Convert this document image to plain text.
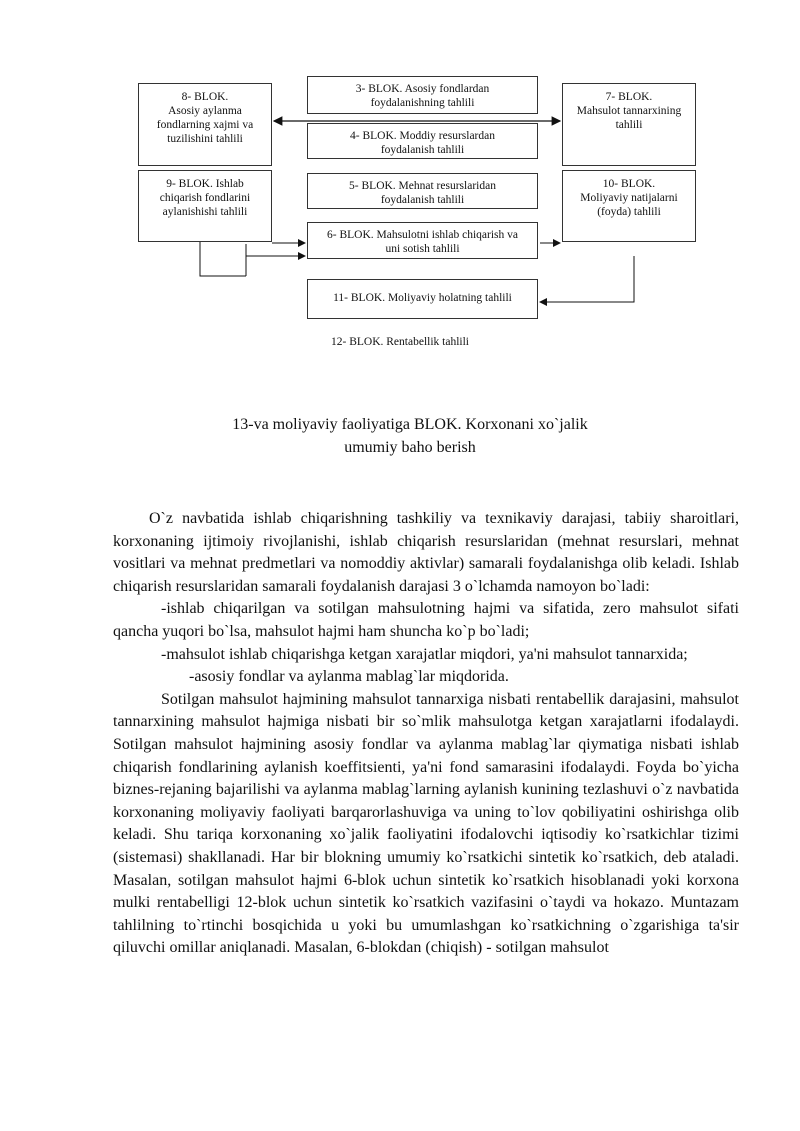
8- BLOK.
Asosiy aylanma
fondlarning xajmi va
tuzilishini tahlili
3- BLOK. Asosiy fondlardan
foydalanishning tahlili	7- BLOK.
Mahsulot tannarxining
tahlili
4- BLOK. Moddiy resurslardan
foydalanish tahlili
9- BLOK. Ishlab
chiqarish fondlarini
aylanishishi tahlili
5- BLOK. Mehnat resurslaridan
foydalanish tahlili
10- BLOK.
Moliyaviy natijalarni
(foyda) tahlili
6- BLOK. Mahsulotni ishlab chiqarish va
uni sotish tahlili
11- BLOK. Moliyaviy holatning tahlili
12- BLOK. Rentabellik tahlili
13-va moliyaviy faoliyatiga BLOK. Korxonani xo`jalik
umumiy baho berish

O`z navbatida ishlab chiqarishning tashkiliy va texnikaviy darajasi, tabiiy sharoitlari, korxonaning ijtimoiy rivojlanishi, ishlab chiqarish resurslaridan (mehnat resurslari, mehnat vositlari va mehnat predmetlari va nomoddiy aktivlar) samarali foydalanishga olib keladi. Ishlab chiqarish resurslaridan samarali foydalanish darajasi 3 o`lchamda namoyon bo`ladi:

-ishlab chiqarilgan va sotilgan mahsulotning hajmi va sifatida, zero mahsulot sifati qancha yuqori bo`lsa, mahsulot hajmi ham shuncha ko`p bo`ladi;

-mahsulot ishlab chiqarishga ketgan xarajatlar miqdori, ya'ni mahsulot tannarxida;

-asosiy fondlar va aylanma mablag`lar miqdorida.

Sotilgan mahsulot hajmining mahsulot tannarxiga nisbati rentabellik darajasini, mahsulot tannarxining mahsulot hajmiga nisbati bir so`mlik mahsulotga ketgan xarajatlarni ifodalaydi. Sotilgan mahsulot hajmining asosiy fondlar va aylanma mablag`lar qiymatiga nisbati ishlab chiqarish fondlarining aylanish koeffitsienti, ya'ni fond samarasini ifodalaydi. Foyda bo`yicha biznes-rejaning bajarilishi va aylanma mablag`larning aylanish kunining tezlashuvi o`z navbatida korxonaning moliyaviy faoliyati barqarorlashuviga va uning to`lov qobiliyatini oshirishga olib keladi. Shu tariqa korxonaning xo`jalik faoliyatini ifodalovchi iqtisodiy ko`rsatkichlar tizimi (sistemasi) shakllanadi. Har bir blokning umumiy ko`rsatkichi sintetik ko`rsatkich, deb ataladi. Masalan, sotilgan mahsulot hajmi 6-blok uchun sintetik ko`rsatkich hisoblanadi yoki korxona mulki rentabelligi 12-blok uchun sintetik ko`rsatkich vazifasini o`taydi va hokazo. Muntazam tahlilning to`rtinchi bosqichida u yoki bu umumlashgan ko`rsatkichning o`zgarishiga ta'sir qiluvchi omillar aniqlanadi. Masalan, 6-blokdan (chiqish) - sotilgan mahsulot
